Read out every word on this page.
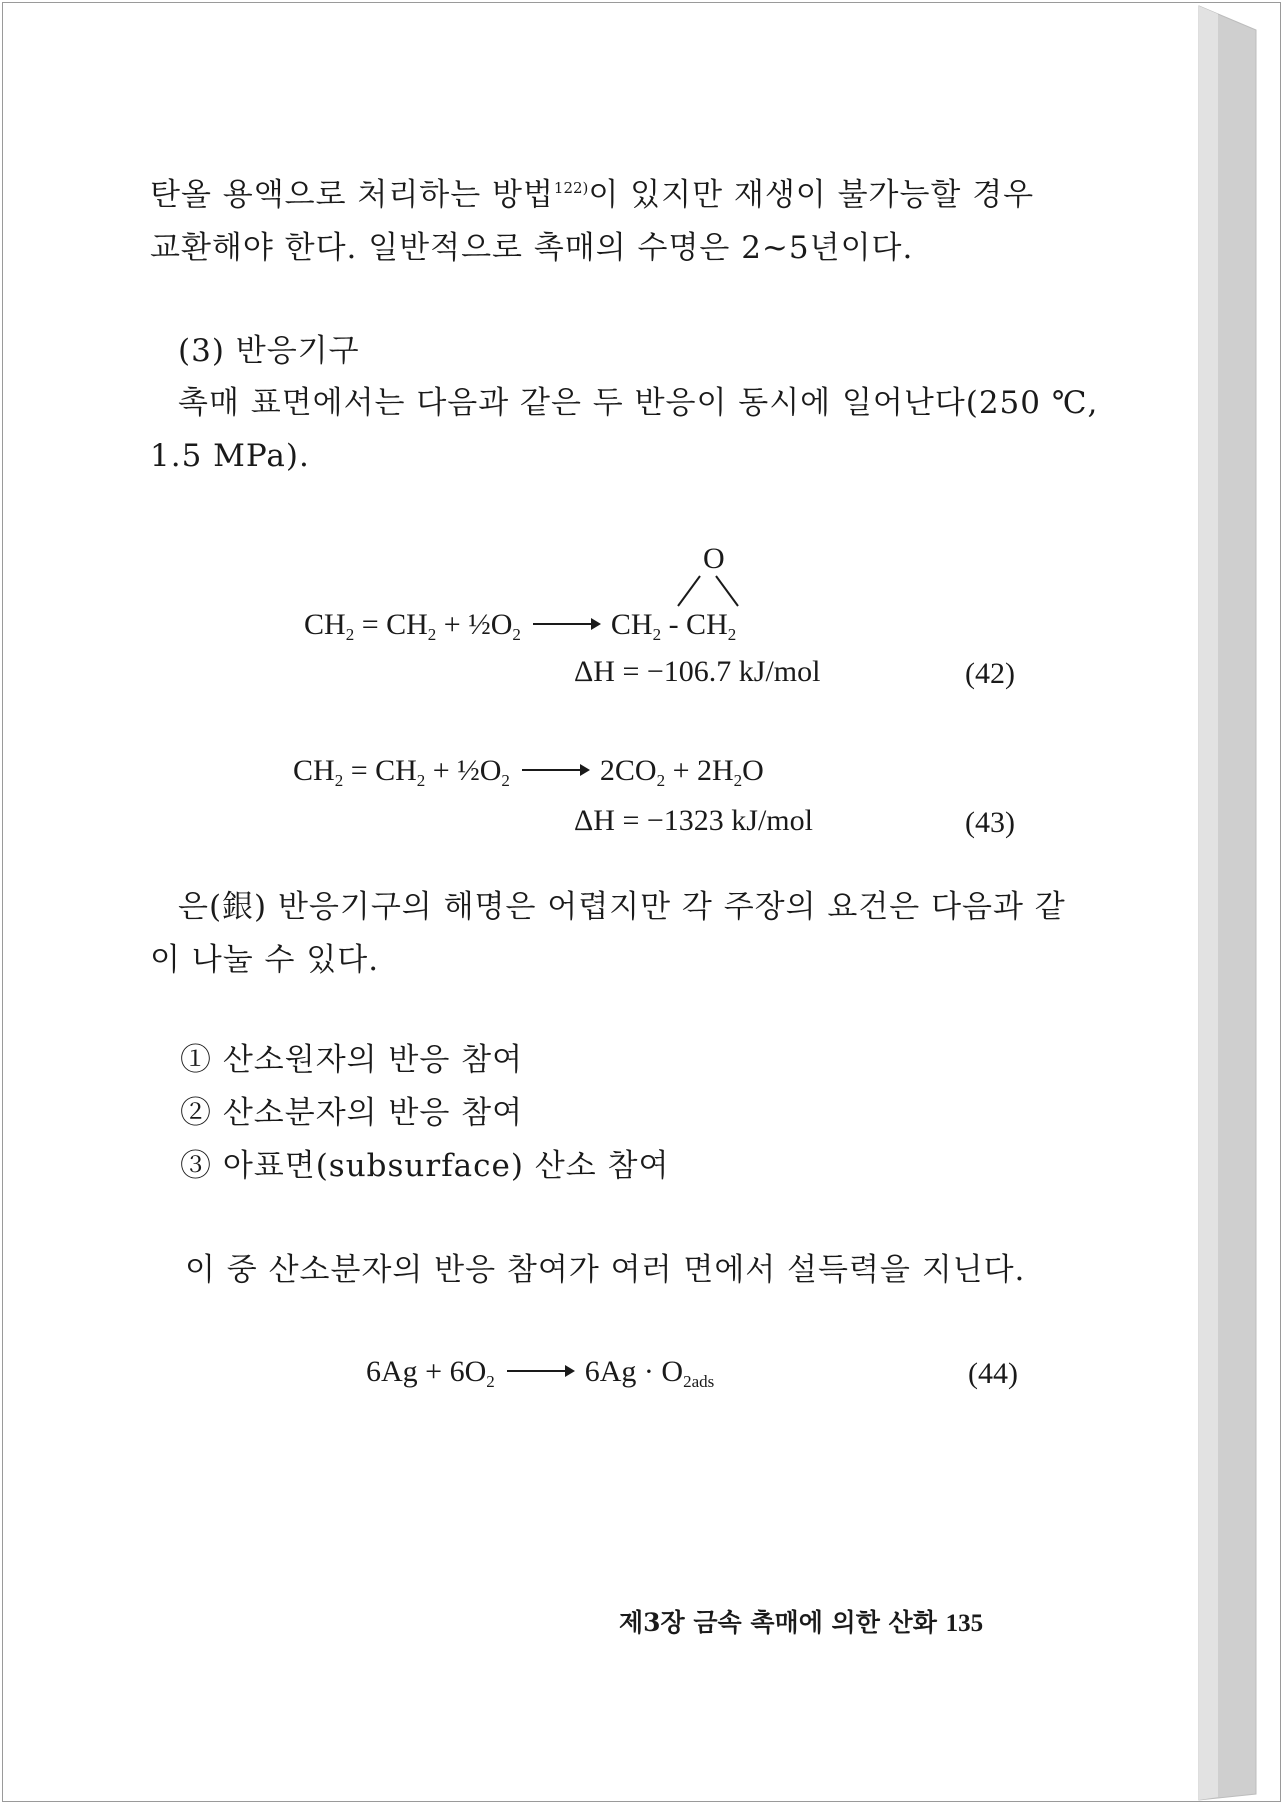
탄올 용액으로 처리하는 방법$^{122)}$이 있지만 재생이 불가능할 경우
교환해야 한다. 일반적으로 촉매의 수명은 2~5년이다.
(3) 반응기구
촉매 표면에서는 다음과 같은 두 반응이 동시에 일어난다(250 ℃,
1.5 MPa).
O
$CH_2 = CH_2$ + $\frac{1}{2}O_2 \to CH_2 - CH_2$
ΔH = −106.7 kJ/mol	(42)
$CH_2 = CH_2$ + $\frac{1}{2}O_2 \to 2CO_2 + 2H_2O$
ΔH = −1323 kJ/mol	(43)
은(銀) 반응기구의 해명은 어렵지만 각 주장의 요건은 다음과 같
이 나눌 수 있다.
① 산소원자의 반응 참여
② 산소분자의 반응 참여
③ 아표면(subsurface) 산소 참여
이 중 산소분자의 반응 참여가 여러 면에서 설득력을 지닌다.
$6Ag + 6O_2 \to 6Ag \cdot O_{2ads}$	(44)
제3장 금속 촉매에 의한 산화 135
